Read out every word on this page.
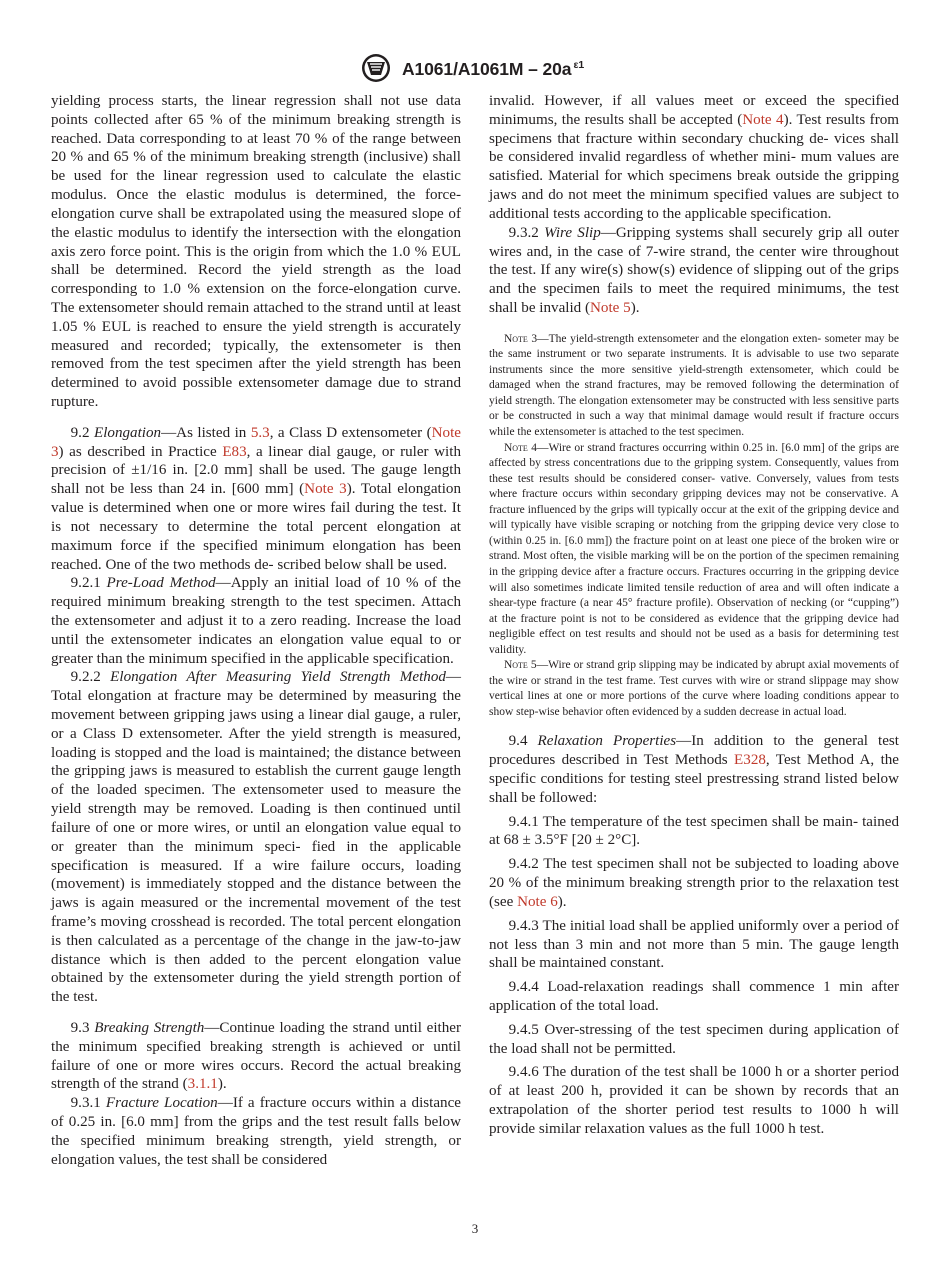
A1061/A1061M – 20a $^{\varepsilon 1}$

yielding process starts, the linear regression shall not use data points collected after 65 % of the minimum breaking strength is reached. Data corresponding to at least 70 % of the range between 20 % and 65 % of the minimum breaking strength (inclusive) shall be used for the linear regression used to calculate the elastic modulus. Once the elastic modulus is determined, the force-elongation curve shall be extrapolated using the measured slope of the elastic modulus to identify the intersection with the elongation axis zero force point. This is the origin from which the 1.0 % EUL shall be determined. Record the yield strength as the load corresponding to 1.0 % extension on the force-elongation curve. The extensometer should remain attached to the strand until at least 1.05 % EUL is reached to ensure the yield strength is accurately measured and recorded; typically, the extensometer is then removed from the test specimen after the yield strength has been determined to avoid possible extensometer damage due to strand rupture.

9.2 Elongation—As listed in 5.3, a Class D extensometer (Note 3) as described in Practice E83, a linear dial gauge, or ruler with precision of ±1/16 in. [2.0 mm] shall be used. The gauge length shall not be less than 24 in. [600 mm] (Note 3). Total elongation value is determined when one or more wires fail during the test. It is not necessary to determine the total percent elongation at maximum force if the specified minimum elongation has been reached. One of the two methods de- scribed below shall be used.

9.2.1 Pre-Load Method—Apply an initial load of 10 % of the required minimum breaking strength to the test specimen. Attach the extensometer and adjust it to a zero reading. Increase the load until the extensometer indicates an elongation value equal to or greater than the minimum specified in the applicable specification.

9.2.2 Elongation After Measuring Yield Strength Method— Total elongation at fracture may be determined by measuring the movement between gripping jaws using a linear dial gauge, a ruler, or a Class D extensometer. After the yield strength is measured, loading is stopped and the load is maintained; the distance between the gripping jaws is measured to establish the current gauge length of the loaded specimen. The extensometer used to measure the yield strength may be removed. Loading is then continued until failure of one or more wires, or until an elongation value equal to or greater than the minimum speci- fied in the applicable specification is measured. If a wire failure occurs, loading (movement) is immediately stopped and the distance between the jaws is again measured or the incremental movement of the test frame’s moving crosshead is recorded. The total percent elongation is then calculated as a percentage of the change in the jaw-to-jaw distance which is then added to the percent elongation value obtained by the extensometer during the yield strength portion of the test.

9.3 Breaking Strength—Continue loading the strand until either the minimum specified breaking strength is achieved or until failure of one or more wires occurs. Record the actual breaking strength of the strand (3.1.1).

9.3.1 Fracture Location—If a fracture occurs within a distance of 0.25 in. [6.0 mm] from the grips and the test result falls below the specified minimum breaking strength, yield strength, or elongation values, the test shall be considered

invalid. However, if all values meet or exceed the specified minimums, the results shall be accepted (Note 4). Test results from specimens that fracture within secondary chucking de- vices shall be considered invalid regardless of whether mini- mum values are satisfied. Material for which specimens break outside the gripping jaws and do not meet the minimum specified values are subject to additional tests according to the applicable specification.

9.3.2 Wire Slip—Gripping systems shall securely grip all outer wires and, in the case of 7-wire strand, the center wire throughout the test. If any wire(s) show(s) evidence of slipping out of the grips and the specimen fails to meet the required minimums, the test shall be invalid (Note 5).

Note 3—The yield-strength extensometer and the elongation exten- someter may be the same instrument or two separate instruments. It is advisable to use two separate instruments since the more sensitive yield-strength extensometer, which could be damaged when the strand fractures, may be removed following the determination of yield strength. The elongation extensometer may be constructed with less sensitive parts or be constructed in such a way that minimal damage would result if fracture occurs while the extensometer is attached to the test specimen.

Note 4—Wire or strand fractures occurring within 0.25 in. [6.0 mm] of the grips are affected by stress concentrations due to the gripping system. Consequently, values from these test results should be considered conser- vative. Conversely, values from tests where fracture occurs within secondary gripping devices may not be conservative. A fracture influenced by the grips will typically occur at the exit of the gripping device and will typically have visible scraping or notching from the gripping device very close to (within 0.25 in. [6.0 mm]) the fracture point on at least one piece of the broken wire or strand. Most often, the visible marking will be on the portion of the specimen remaining in the gripping device after a fracture occurs. Fractures occurring in the gripping device will also sometimes indicate limited tensile reduction of area and will often indicate a shear-type fracture (a near 45° fracture profile). Observation of necking (or “cupping”) at the fracture point is not to be considered as evidence that the gripping device had negligible effect on test results and should not be used as a basis for determining test validity.

Note 5—Wire or strand grip slipping may be indicated by abrupt axial movements of the wire or strand in the test frame. Test curves with wire or strand slippage may show vertical lines at one or more portions of the curve where loading conditions appear to show step-wise behavior often evidenced by a sudden decrease in actual load.

9.4 Relaxation Properties—In addition to the general test procedures described in Test Methods E328, Test Method A, the specific conditions for testing steel prestressing strand listed below shall be followed:

9.4.1 The temperature of the test specimen shall be main- tained at 68 ± 3.5°F [20 ± 2°C].

9.4.2 The test specimen shall not be subjected to loading above 20 % of the minimum breaking strength prior to the relaxation test (see Note 6).

9.4.3 The initial load shall be applied uniformly over a period of not less than 3 min and not more than 5 min. The gauge length shall be maintained constant.

9.4.4 Load-relaxation readings shall commence 1 min after application of the total load.

9.4.5 Over-stressing of the test specimen during application of the load shall not be permitted.

9.4.6 The duration of the test shall be 1000 h or a shorter period of at least 200 h, provided it can be shown by records that an extrapolation of the shorter period test results to 1000 h will provide similar relaxation values as the full 1000 h test.

3
